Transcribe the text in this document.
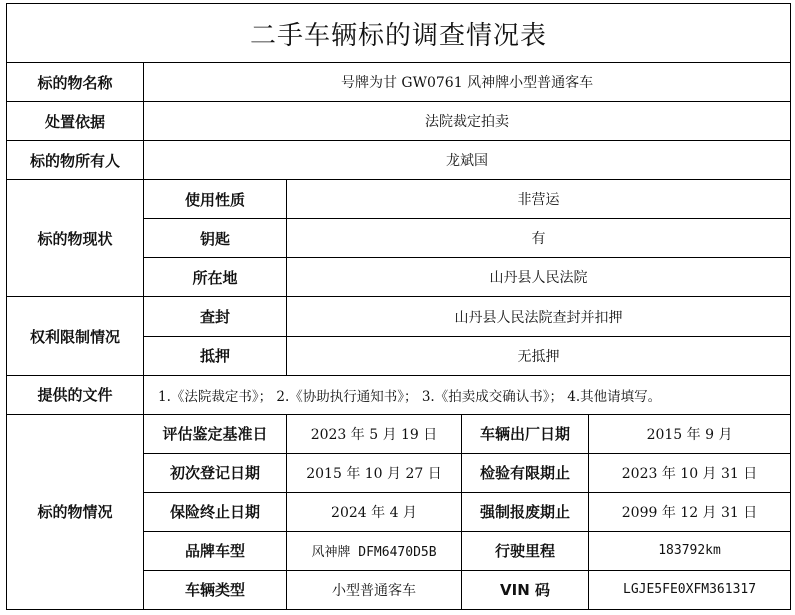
二手车辆标的调查情况表				
标的物名称	号牌为甘 GW0761 风神牌小型普通客车			
处置依据	法院裁定拍卖			
标的物所有人	龙斌国			
标的物现状	使用性质	非营运		
	钥匙	有		
	所在地	山丹县人民法院		
权利限制情况	查封	山丹县人民法院查封并扣押		
	抵押	无抵押		
提供的文件	1.《法院裁定书》； 2.《协助执行通知书》； 3.《拍卖成交确认书》； 4.其他请填写。			
标的物情况	评估鉴定基准日	2023 年 5 月 19 日	车辆出厂日期	2015 年 9 月
	初次登记日期	2015 年 10 月 27 日	检验有限期止	2023 年 10 月 31 日
	保险终止日期	2024 年 4 月	强制报废期止	2099 年 12 月 31 日
	品牌车型	风神牌 DFM6470D5B	行驶里程	183792km
	车辆类型	小型普通客车	VIN 码	LGJE5FE0XFM361317
